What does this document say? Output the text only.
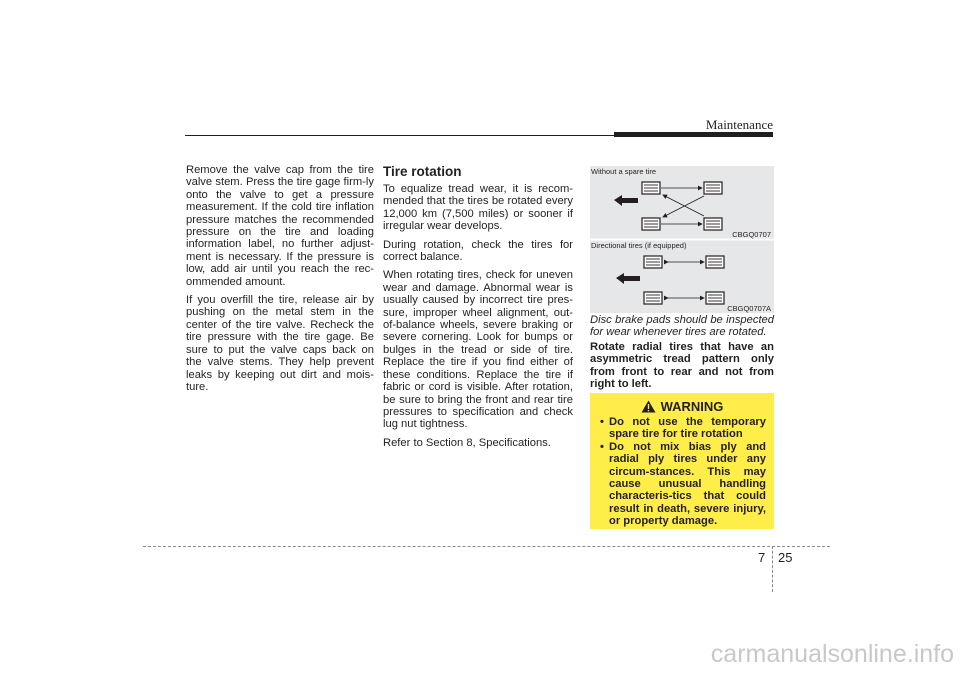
Maintenance

Remove the valve cap from the tire valve stem. Press the tire gage firm-ly onto the valve to get a pressure measurement. If the cold tire inflation pressure matches the recommended pressure on the tire and loading information label, no further adjust-ment is necessary. If the pressure is low, add air until you reach the rec-ommended amount.

If you overfill the tire, release air by pushing on the metal stem in the center of the tire valve. Recheck the tire pressure with the tire gage. Be sure to put the valve caps back on the valve stems. They help prevent leaks by keeping out dirt and mois-ture.

Tire rotation

To equalize tread wear, it is recom-mended that the tires be rotated every 12,000 km (7,500 miles) or sooner if irregular wear develops.

During rotation, check the tires for correct balance.

When rotating tires, check for uneven wear and damage. Abnormal wear is usually caused by incorrect tire pres-sure, improper wheel alignment, out-of-balance wheels, severe braking or severe cornering. Look for bumps or bulges in the tread or side of tire. Replace the tire if you find either of these conditions. Replace the tire if fabric or cord is visible. After rotation, be sure to bring the front and rear tire pressures to specification and check lug nut tightness.

Refer to Section 8, Specifications.

Without a spare tire
CBGQ0707
Directional tires (if equipped)
CBGQ0707A

Disc brake pads should be inspected for wear whenever tires are rotated.

Rotate radial tires that have an asymmetric tread pattern only from front to rear and not from right to left.

WARNING
• Do not use the temporary spare tire for tire rotation
• Do not mix bias ply and radial ply tires under any circum-stances. This may cause unusual handling characteris-tics that could result in death, severe injury, or property damage.
7 25
carmanualsonline.info
